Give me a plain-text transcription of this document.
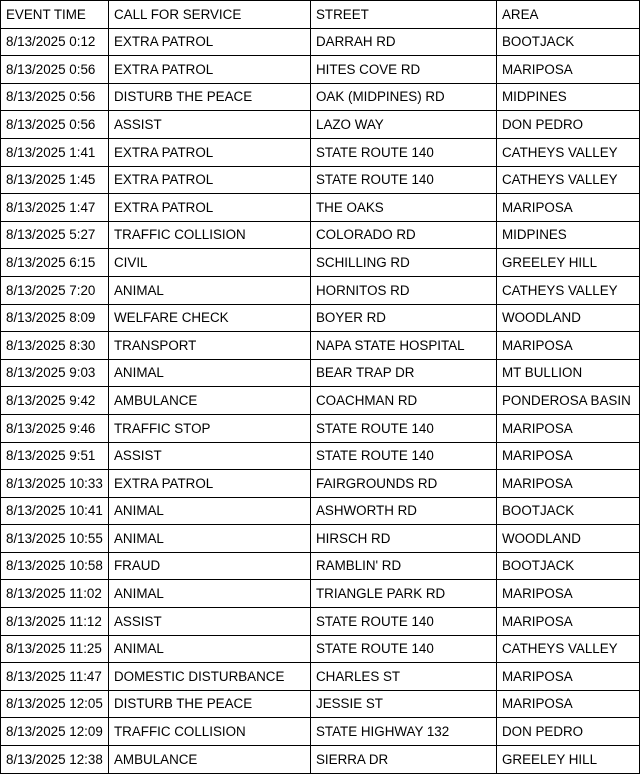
EVENT TIME	CALL FOR SERVICE	STREET	AREA
8/13/2025 0:12	EXTRA PATROL	DARRAH RD	BOOTJACK
8/13/2025 0:56	EXTRA PATROL	HITES COVE RD	MARIPOSA
8/13/2025 0:56	DISTURB THE PEACE	OAK (MIDPINES) RD	MIDPINES
8/13/2025 0:56	ASSIST	LAZO WAY	DON PEDRO
8/13/2025 1:41	EXTRA PATROL	STATE ROUTE 140	CATHEYS VALLEY
8/13/2025 1:45	EXTRA PATROL	STATE ROUTE 140	CATHEYS VALLEY
8/13/2025 1:47	EXTRA PATROL	THE OAKS	MARIPOSA
8/13/2025 5:27	TRAFFIC COLLISION	COLORADO RD	MIDPINES
8/13/2025 6:15	CIVIL	SCHILLING RD	GREELEY HILL
8/13/2025 7:20	ANIMAL	HORNITOS RD	CATHEYS VALLEY
8/13/2025 8:09	WELFARE CHECK	BOYER RD	WOODLAND
8/13/2025 8:30	TRANSPORT	NAPA STATE HOSPITAL	MARIPOSA
8/13/2025 9:03	ANIMAL	BEAR TRAP DR	MT BULLION
8/13/2025 9:42	AMBULANCE	COACHMAN RD	PONDEROSA BASIN
8/13/2025 9:46	TRAFFIC STOP	STATE ROUTE 140	MARIPOSA
8/13/2025 9:51	ASSIST	STATE ROUTE 140	MARIPOSA
8/13/2025 10:33	EXTRA PATROL	FAIRGROUNDS RD	MARIPOSA
8/13/2025 10:41	ANIMAL	ASHWORTH RD	BOOTJACK
8/13/2025 10:55	ANIMAL	HIRSCH RD	WOODLAND
8/13/2025 10:58	FRAUD	RAMBLIN' RD	BOOTJACK
8/13/2025 11:02	ANIMAL	TRIANGLE PARK RD	MARIPOSA
8/13/2025 11:12	ASSIST	STATE ROUTE 140	MARIPOSA
8/13/2025 11:25	ANIMAL	STATE ROUTE 140	CATHEYS VALLEY
8/13/2025 11:47	DOMESTIC DISTURBANCE	CHARLES ST	MARIPOSA
8/13/2025 12:05	DISTURB THE PEACE	JESSIE ST	MARIPOSA
8/13/2025 12:09	TRAFFIC COLLISION	STATE HIGHWAY 132	DON PEDRO
8/13/2025 12:38	AMBULANCE	SIERRA DR	GREELEY HILL
